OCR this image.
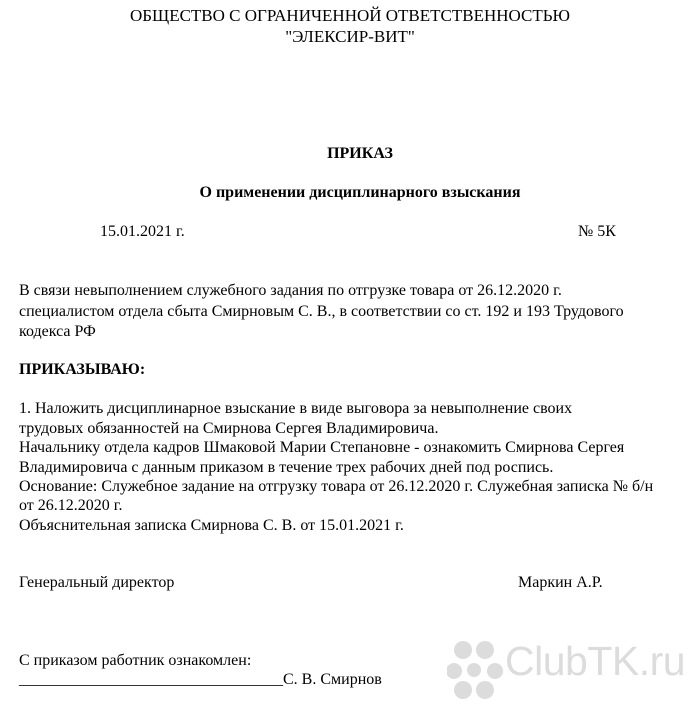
ОБЩЕСТВО С ОГРАНИЧЕННОЙ ОТВЕТСТВЕННОСТЬЮ
"ЭЛЕКСИР-ВИТ"
ПРИКАЗ
О применении дисциплинарного взыскания
15.01.2021 г.	№ 5К
В связи невыполнением служебного задания по отгрузке товара от 26.12.2020 г.
специалистом отдела сбыта Смирновым С. В., в соответствии со ст. 192 и 193 Трудового
кодекса РФ
ПРИКАЗЫВАЮ:
1. Наложить дисциплинарное взыскание в виде выговора за невыполнение своих
трудовых обязанностей на Смирнова Сергея Владимировича.
Начальнику отдела кадров Шмаковой Марии Степановне - ознакомить Смирнова Сергея
Владимировича с данным приказом в течение трех рабочих дней под роспись.
Основание: Служебное задание на отгрузку товара от 26.12.2020 г. Служебная записка № б/н
от 26.12.2020 г.
Объяснительная записка Смирнова С. В. от 15.01.2021 г.
Генеральный директор	Маркин А.Р.
С приказом работник ознакомлен:
_________________________________С. В. Смирнов	ClubTK.ru
